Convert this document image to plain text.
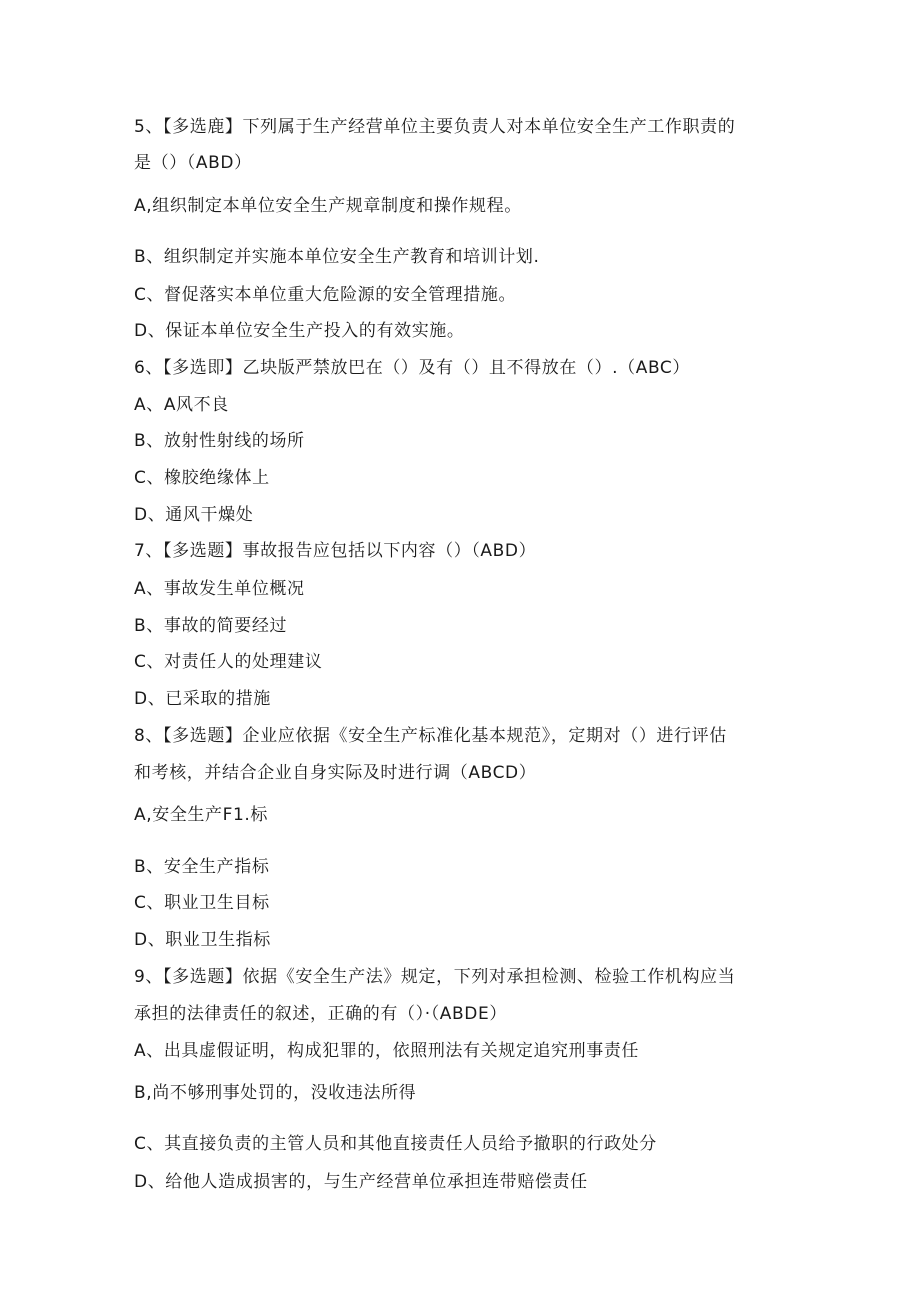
5、【多选鹿】下列属于生产经营单位主要负责人对本单位安全生产工作职责的
是（）（ABD）
A,组织制定本单位安全生产规章制度和操作规程。
B、组织制定并实施本单位安全生产教育和培训计划.
C、督促落实本单位重大危险源的安全管理措施。
D、保证本单位安全生产投入的有效实施。
6、【多选即】乙块版严禁放巴在（）及有（）且不得放在（）.（ABC）
A、A风不良
B、放射性射线的场所
C、橡胶绝缘体上
D、通风干燥处
7、【多选题】事故报告应包括以下内容（）（ABD）
A、事故发生单位概况
B、事故的简要经过
C、对责任人的处理建议
D、已采取的措施
8、【多选题】企业应依据《安全生产标准化基本规范》，定期对（）进行评估
和考核，并结合企业自身实际及时进行调（ABCD）
A,安全生产F1.标
B、安全生产指标
C、职业卫生目标
D、职业卫生指标
9、【多选题】依据《安全生产法》规定，下列对承担检测、检验工作机构应当
承担的法律责任的叙述，正确的有（）·（ABDE）
A、出具虚假证明，构成犯罪的，依照刑法有关规定追究刑事责任
B,尚不够刑事处罚的，没收违法所得
C、其直接负责的主管人员和其他直接责任人员给予撤职的行政处分
D、给他人造成损害的，与生产经营单位承担连带赔偿责任
